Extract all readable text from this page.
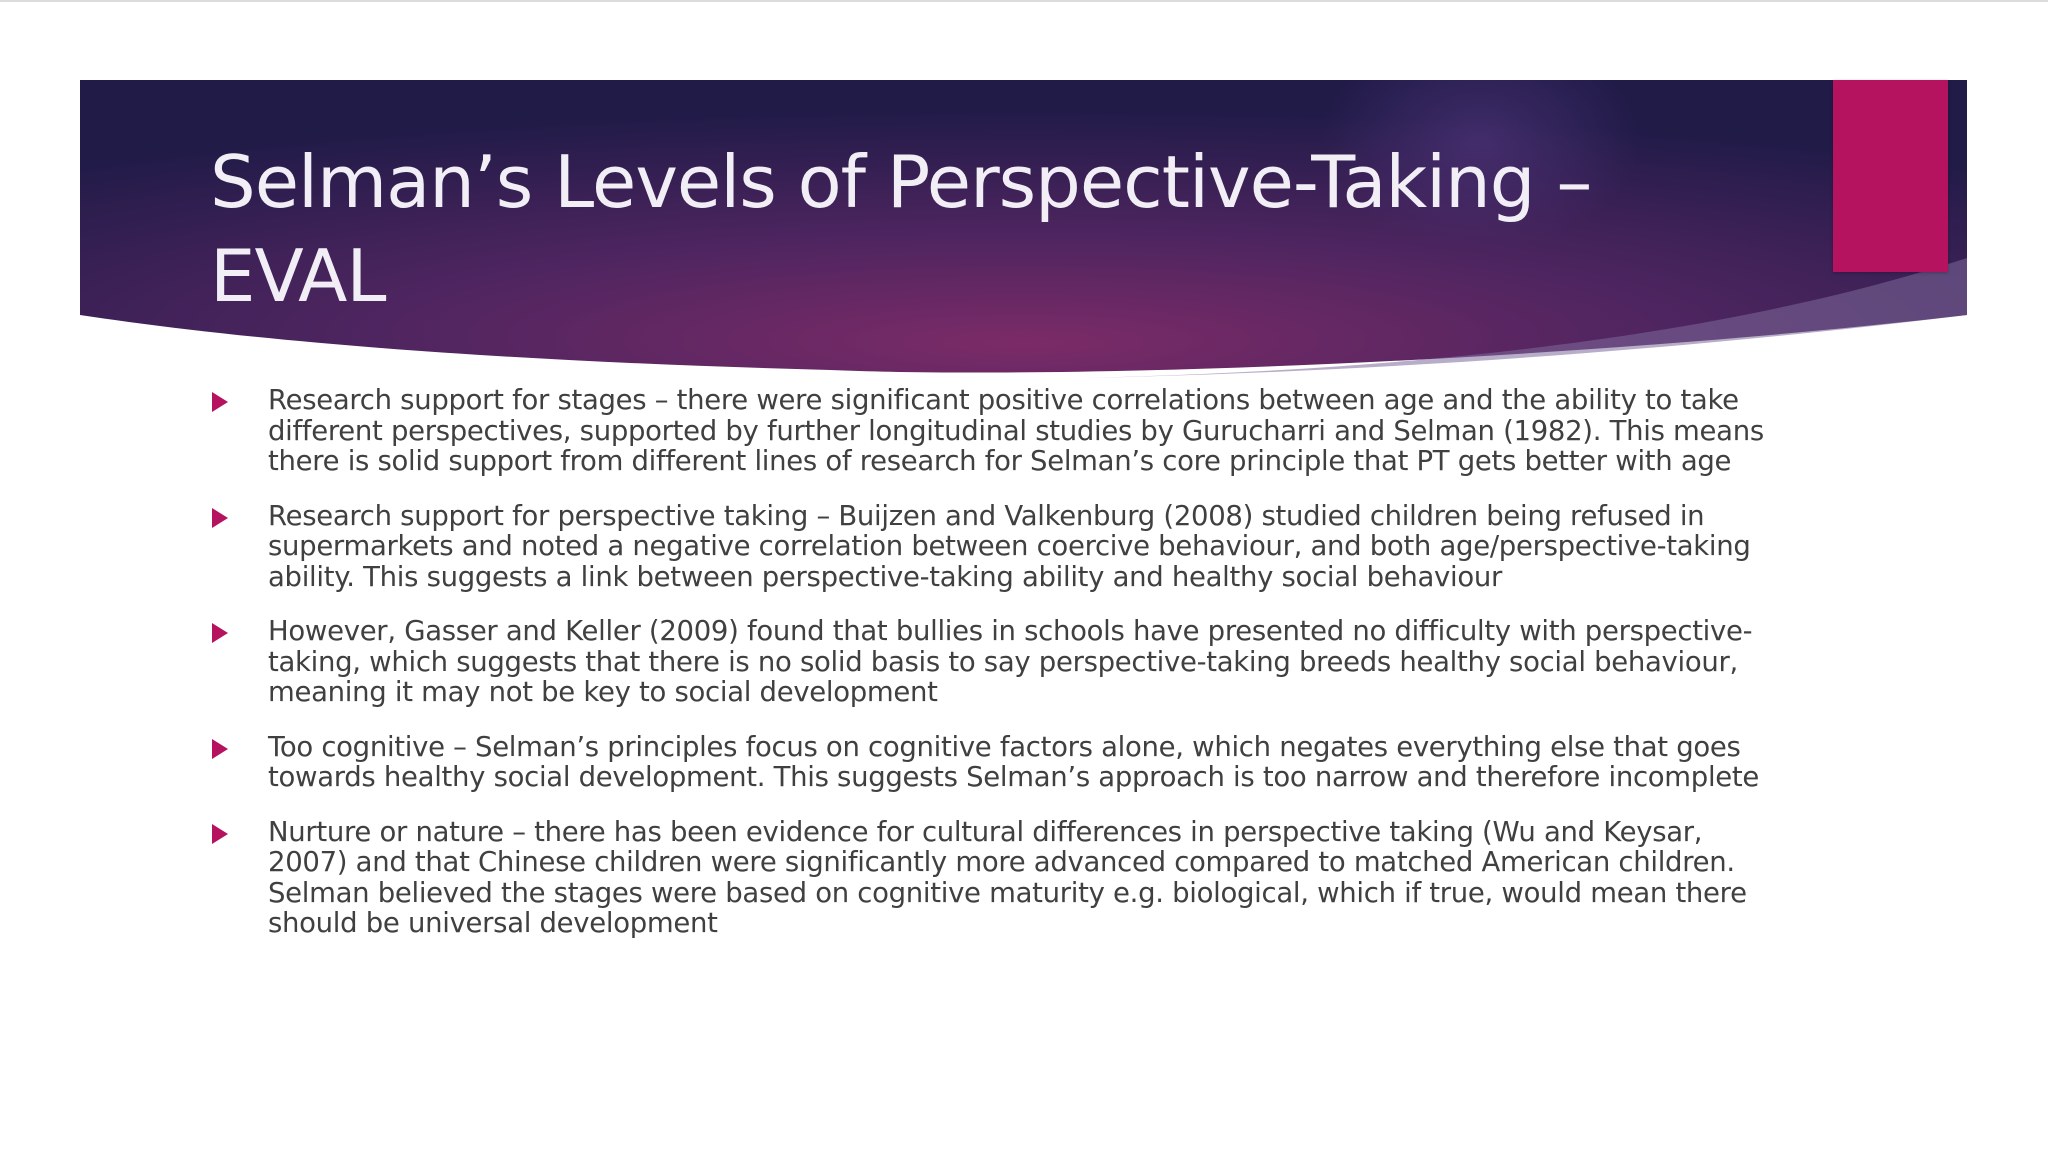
Selman’s Levels of Perspective-Taking – EVAL
Research support for stages – there were significant positive correlations between age and the ability to take different perspectives, supported by further longitudinal studies by Gurucharri and Selman (1982). This means there is solid support from different lines of research for Selman’s core principle that PT gets better with age
Research support for perspective taking – Buijzen and Valkenburg (2008) studied children being refused in supermarkets and noted a negative correlation between coercive behaviour, and both age/perspective-taking ability. This suggests a link between perspective-taking ability and healthy social behaviour
However, Gasser and Keller (2009) found that bullies in schools have presented no difficulty with perspective-taking, which suggests that there is no solid basis to say perspective-taking breeds healthy social behaviour, meaning it may not be key to social development
Too cognitive – Selman’s principles focus on cognitive factors alone, which negates everything else that goes towards healthy social development. This suggests Selman’s approach is too narrow and therefore incomplete
Nurture or nature – there has been evidence for cultural differences in perspective taking (Wu and Keysar, 2007) and that Chinese children were significantly more advanced compared to matched American children. Selman believed the stages were based on cognitive maturity e.g. biological, which if true, would mean there should be universal development
